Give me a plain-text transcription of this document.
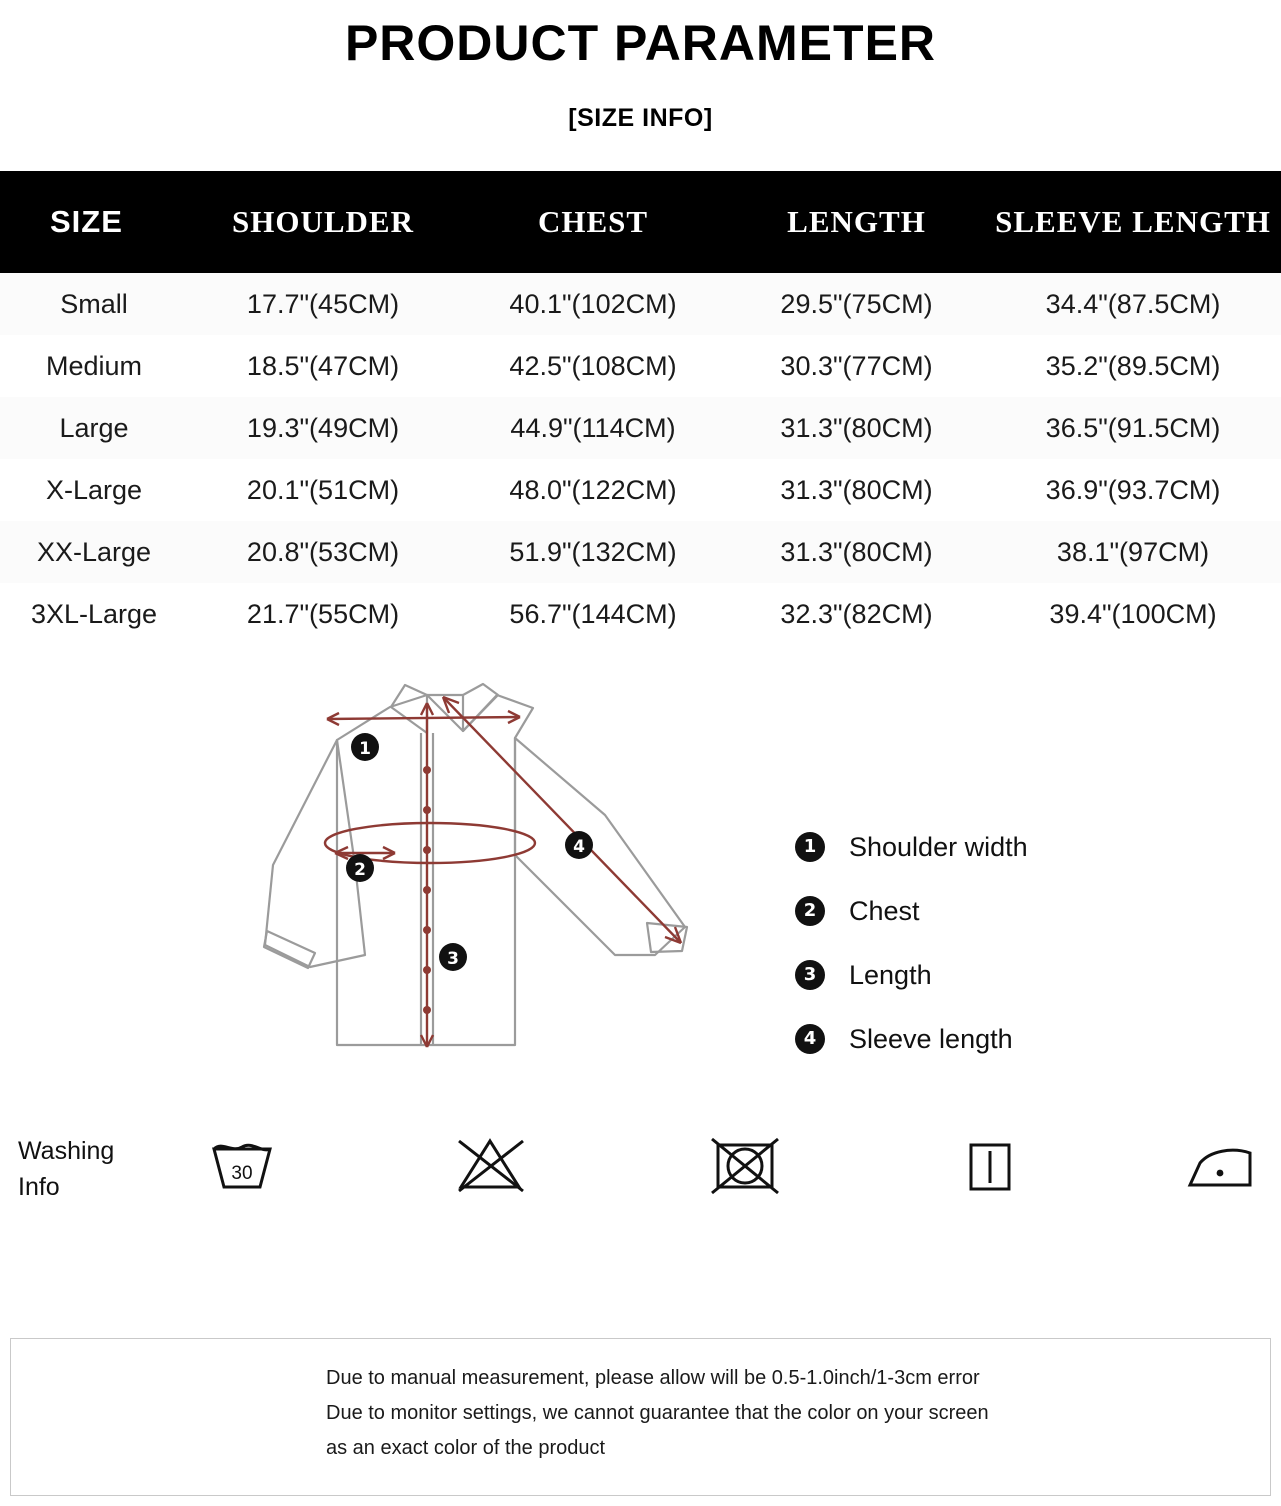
PRODUCT PARAMETER
[SIZE INFO]
SIZE	SHOULDER	CHEST	LENGTH	SLEEVE LENGTH
Small	17.7"(45CM)	40.1"(102CM)	29.5"(75CM)	34.4"(87.5CM)
Medium	18.5"(47CM)	42.5"(108CM)	30.3"(77CM)	35.2"(89.5CM)
Large	19.3"(49CM)	44.9"(114CM)	31.3"(80CM)	36.5"(91.5CM)
X-Large	20.1"(51CM)	48.0"(122CM)	31.3"(80CM)	36.9"(93.7CM)
XX-Large	20.8"(53CM)	51.9"(132CM)	31.3"(80CM)	38.1"(97CM)
3XL-Large	21.7"(55CM)	56.7"(144CM)	32.3"(82CM)	39.4"(100CM)
1
2
3
4	1	Shoulder width
2	Chest
3	Length
4	Sleeve length
Washing
Info	30
Due to manual measurement, please allow will be 0.5-1.0inch/1-3cm error
Due to monitor settings, we cannot guarantee that the color on your screen
as an exact color of the product
